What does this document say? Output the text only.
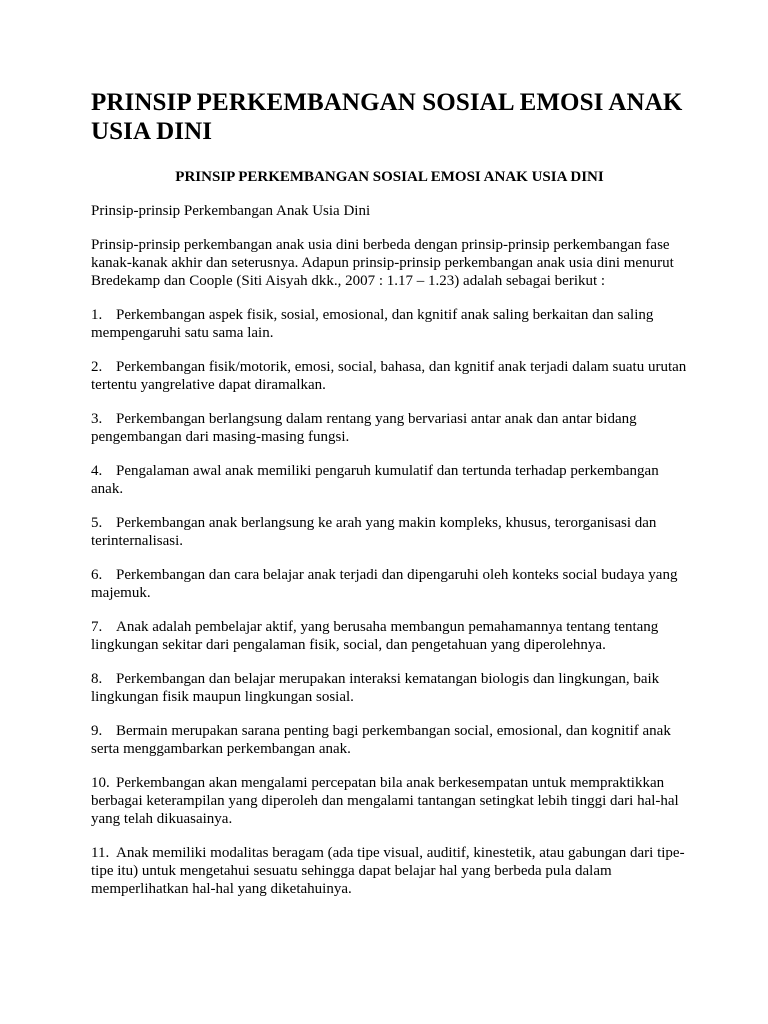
PRINSIP PERKEMBANGAN SOSIAL EMOSI ANAK USIA DINI
PRINSIP PERKEMBANGAN SOSIAL EMOSI ANAK USIA DINI

Prinsip-prinsip Perkembangan Anak Usia Dini

Prinsip-prinsip perkembangan anak usia dini berbeda dengan prinsip-prinsip perkembangan fase kanak-kanak akhir dan seterusnya. Adapun prinsip-prinsip perkembangan anak usia dini menurut Bredekamp dan Coople (Siti Aisyah dkk., 2007 : 1.17 – 1.23) adalah sebagai berikut :

1. Perkembangan aspek fisik, sosial, emosional, dan kgnitif anak saling berkaitan dan saling mempengaruhi satu sama lain.

2. Perkembangan fisik/motorik, emosi, social, bahasa, dan kgnitif anak terjadi dalam suatu urutan tertentu yangrelative dapat diramalkan.

3. Perkembangan berlangsung dalam rentang yang bervariasi antar anak dan antar bidang pengembangan dari masing-masing fungsi.

4. Pengalaman awal anak memiliki pengaruh kumulatif dan tertunda terhadap perkembangan anak.

5. Perkembangan anak berlangsung ke arah yang makin kompleks, khusus, terorganisasi dan terinternalisasi.

6. Perkembangan dan cara belajar anak terjadi dan dipengaruhi oleh konteks social budaya yang majemuk.

7. Anak adalah pembelajar aktif, yang berusaha membangun pemahamannya tentang tentang lingkungan sekitar dari pengalaman fisik, social, dan pengetahuan yang diperolehnya.

8. Perkembangan dan belajar merupakan interaksi kematangan biologis dan lingkungan, baik lingkungan fisik maupun lingkungan sosial.

9. Bermain merupakan sarana penting bagi perkembangan social, emosional, dan kognitif anak serta menggambarkan perkembangan anak.

10. Perkembangan akan mengalami percepatan bila anak berkesempatan untuk mempraktikkan berbagai keterampilan yang diperoleh dan mengalami tantangan setingkat lebih tinggi dari hal-hal yang telah dikuasainya.

11. Anak memiliki modalitas beragam (ada tipe visual, auditif, kinestetik, atau gabungan dari tipe-tipe itu) untuk mengetahui sesuatu sehingga dapat belajar hal yang berbeda pula dalam memperlihatkan hal-hal yang diketahuinya.
